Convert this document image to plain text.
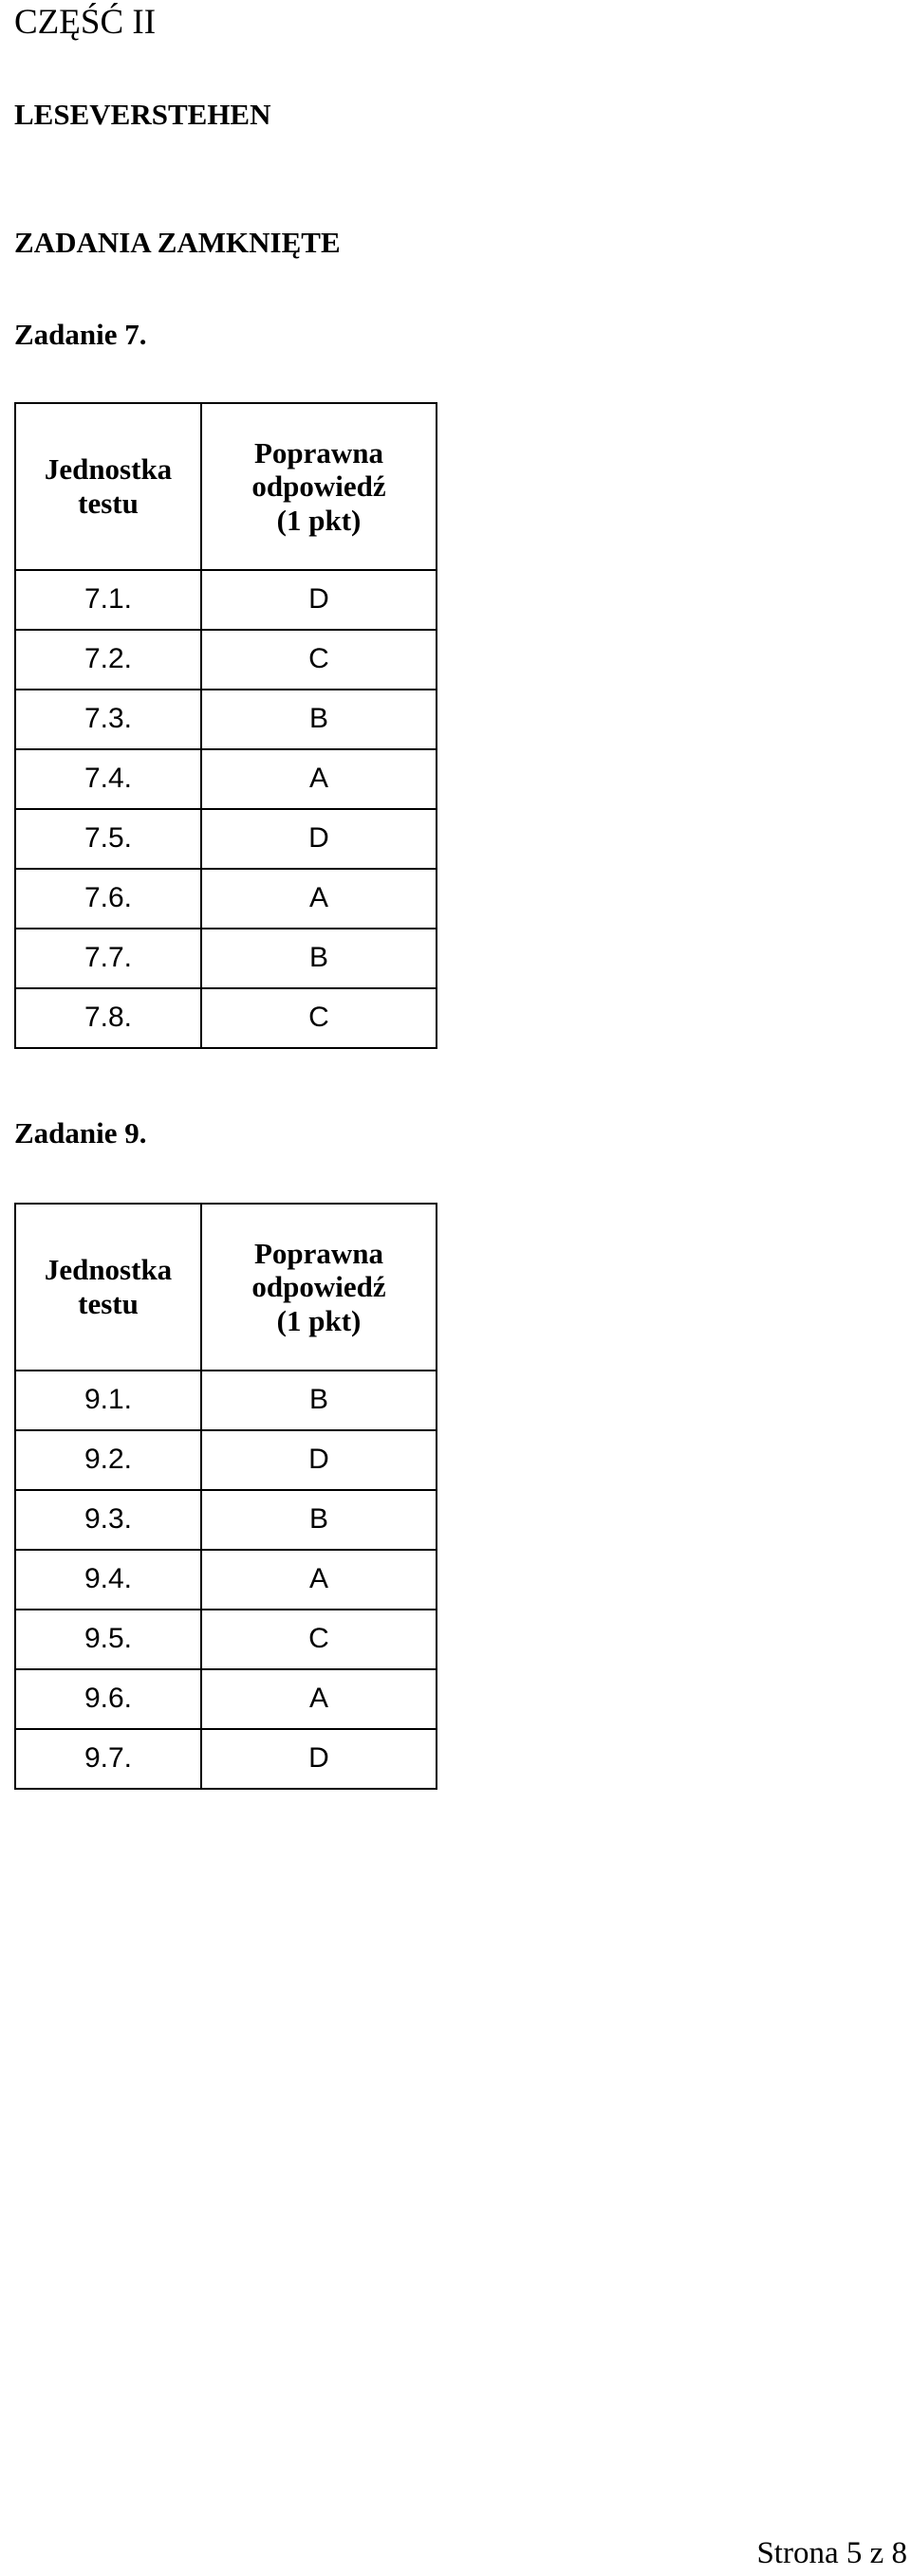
CZĘŚĆ II
LESEVERSTEHEN
ZADANIA ZAMKNIĘTE
Zadanie 7.
Jednostka
testu	Poprawna
odpowiedź
(1 pkt)
7.1.	D
7.2.	C
7.3.	B
7.4.	A
7.5.	D
7.6.	A
7.7.	B
7.8.	C
Zadanie 9.
Jednostka
testu	Poprawna
odpowiedź
(1 pkt)
9.1.	B
9.2.	D
9.3.	B
9.4.	A
9.5.	C
9.6.	A
9.7.	D

Strona 5 z 8
